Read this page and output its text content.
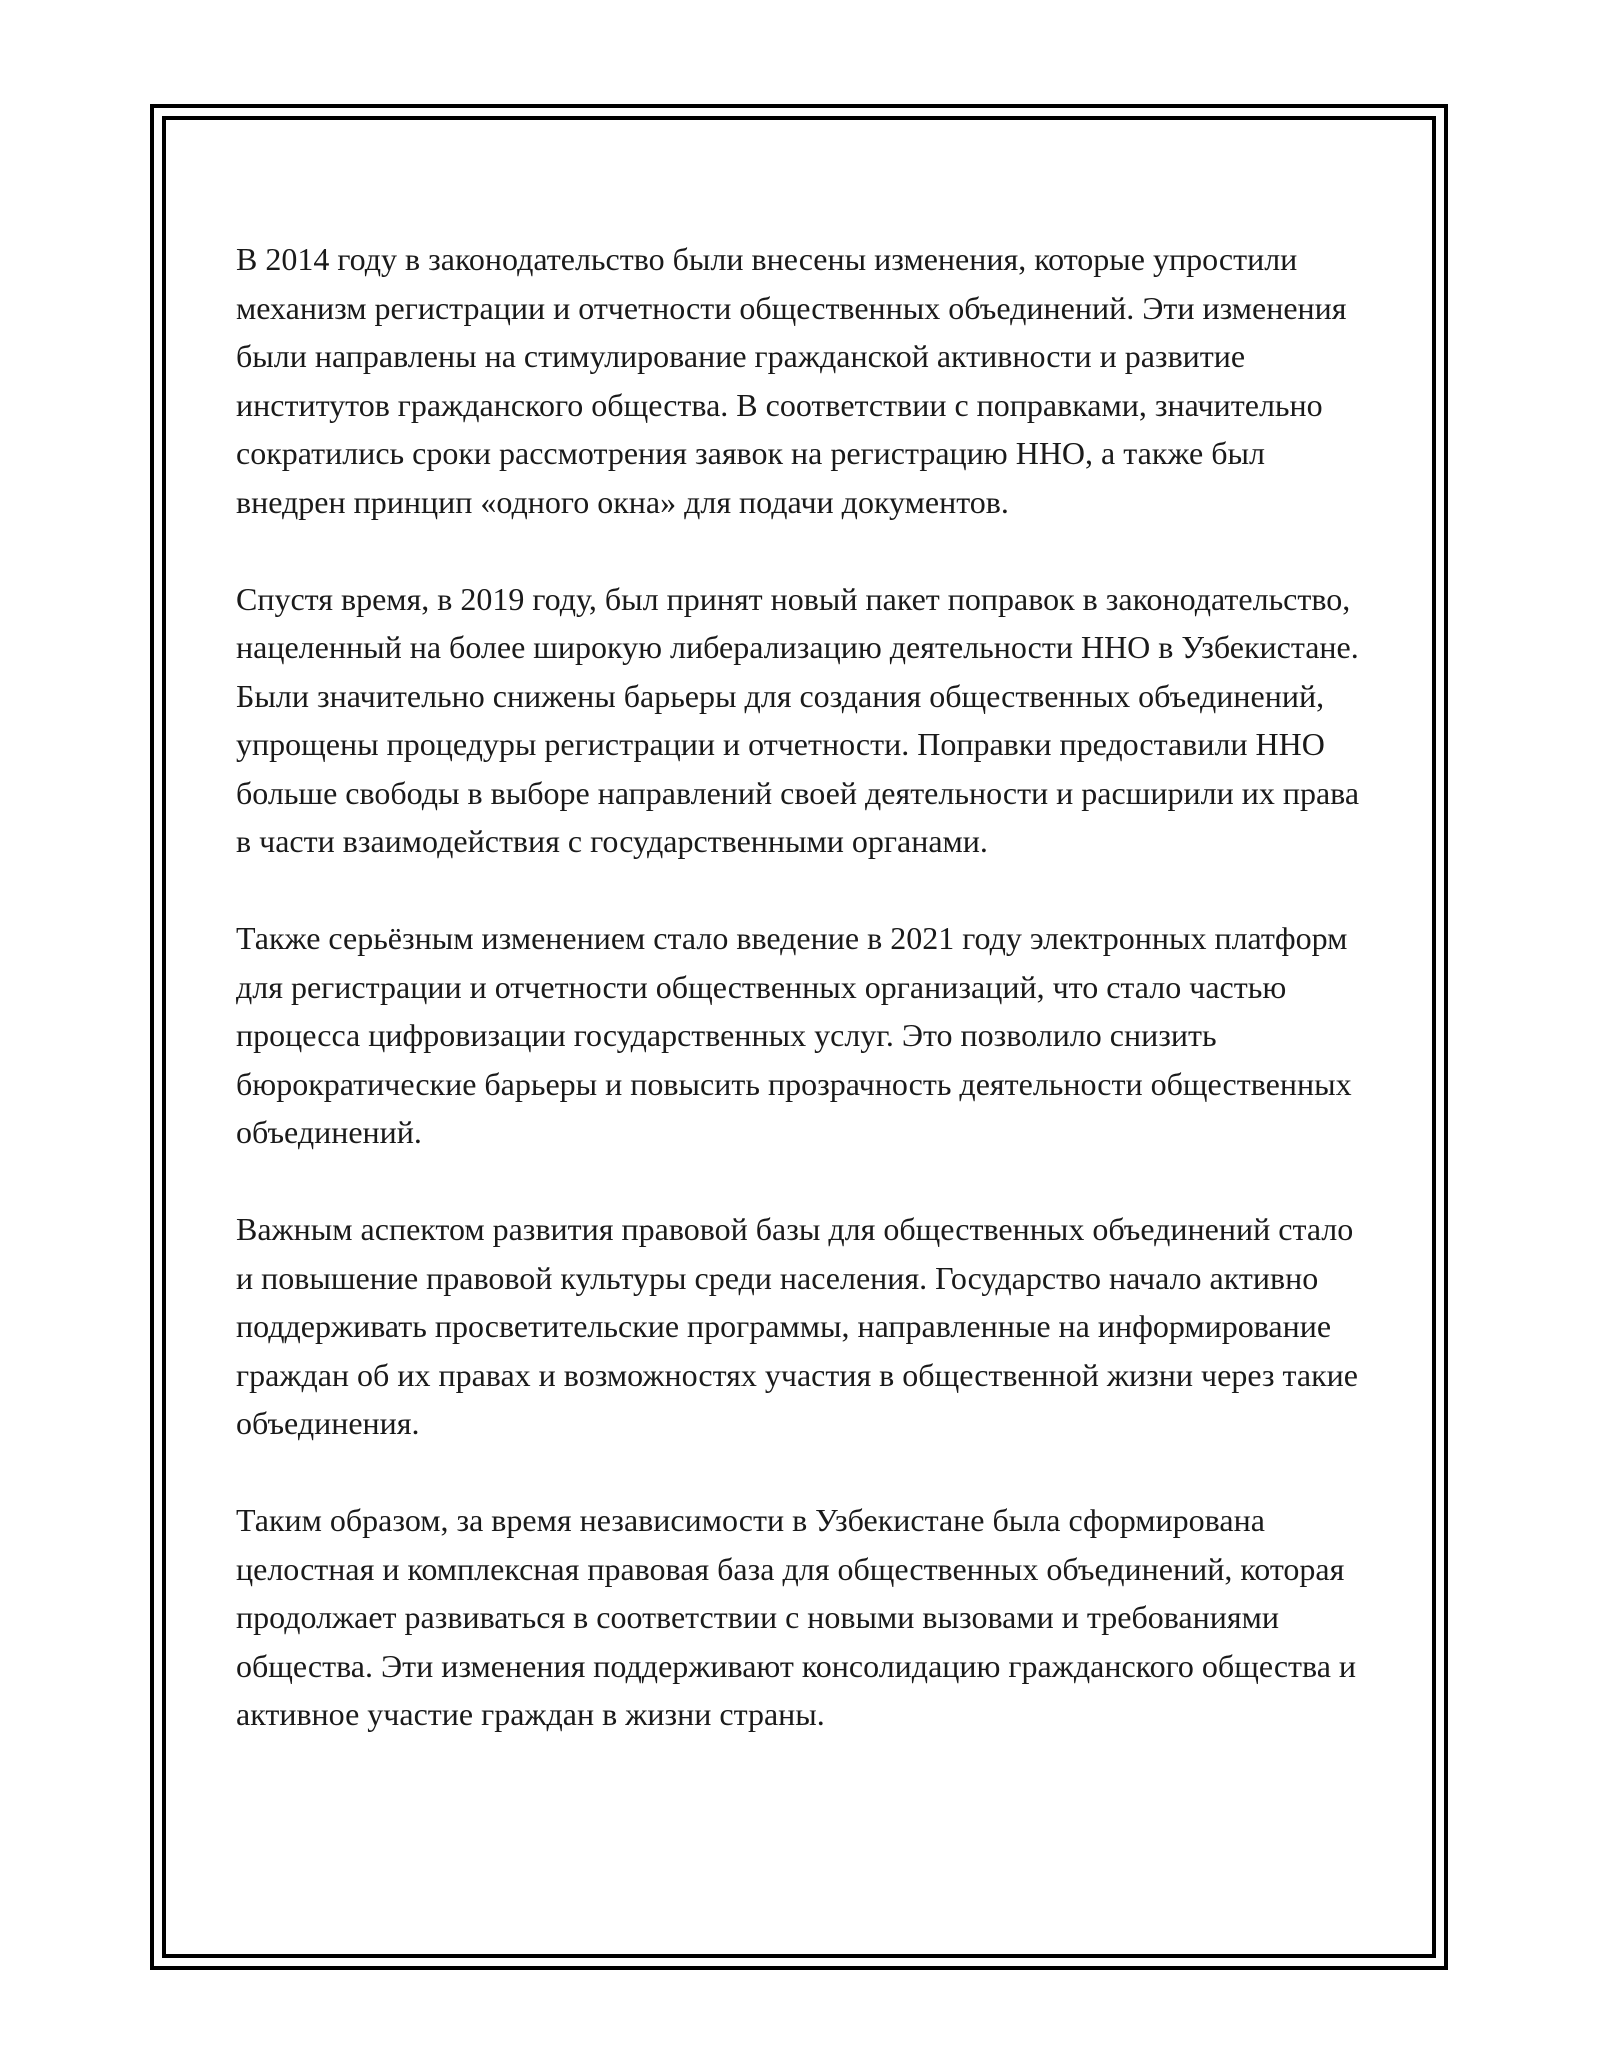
В 2014 году в законодательство были внесены изменения, которые упростили механизм регистрации и отчетности общественных объединений. Эти изменения были направлены на стимулирование гражданской активности и развитие институтов гражданского общества. В соответствии с поправками, значительно сократились сроки рассмотрения заявок на регистрацию ННО, а также был внедрен принцип «одного окна» для подачи документов.

Спустя время, в 2019 году, был принят новый пакет поправок в законодательство, нацеленный на более широкую либерализацию деятельности ННО в Узбекистане. Были значительно снижены барьеры для создания общественных объединений, упрощены процедуры регистрации и отчетности. Поправки предоставили ННО больше свободы в выборе направлений своей деятельности и расширили их права в части взаимодействия с государственными органами.

Также серьёзным изменением стало введение в 2021 году электронных платформ для регистрации и отчетности общественных организаций, что стало частью процесса цифровизации государственных услуг. Это позволило снизить бюрократические барьеры и повысить прозрачность деятельности общественных объединений.

Важным аспектом развития правовой базы для общественных объединений стало и повышение правовой культуры среди населения. Государство начало активно поддерживать просветительские программы, направленные на информирование граждан об их правах и возможностях участия в общественной жизни через такие объединения.

Таким образом, за время независимости в Узбекистане была сформирована целостная и комплексная правовая база для общественных объединений, которая продолжает развиваться в соответствии с новыми вызовами и требованиями общества. Эти изменения поддерживают консолидацию гражданского общества и активное участие граждан в жизни страны.
